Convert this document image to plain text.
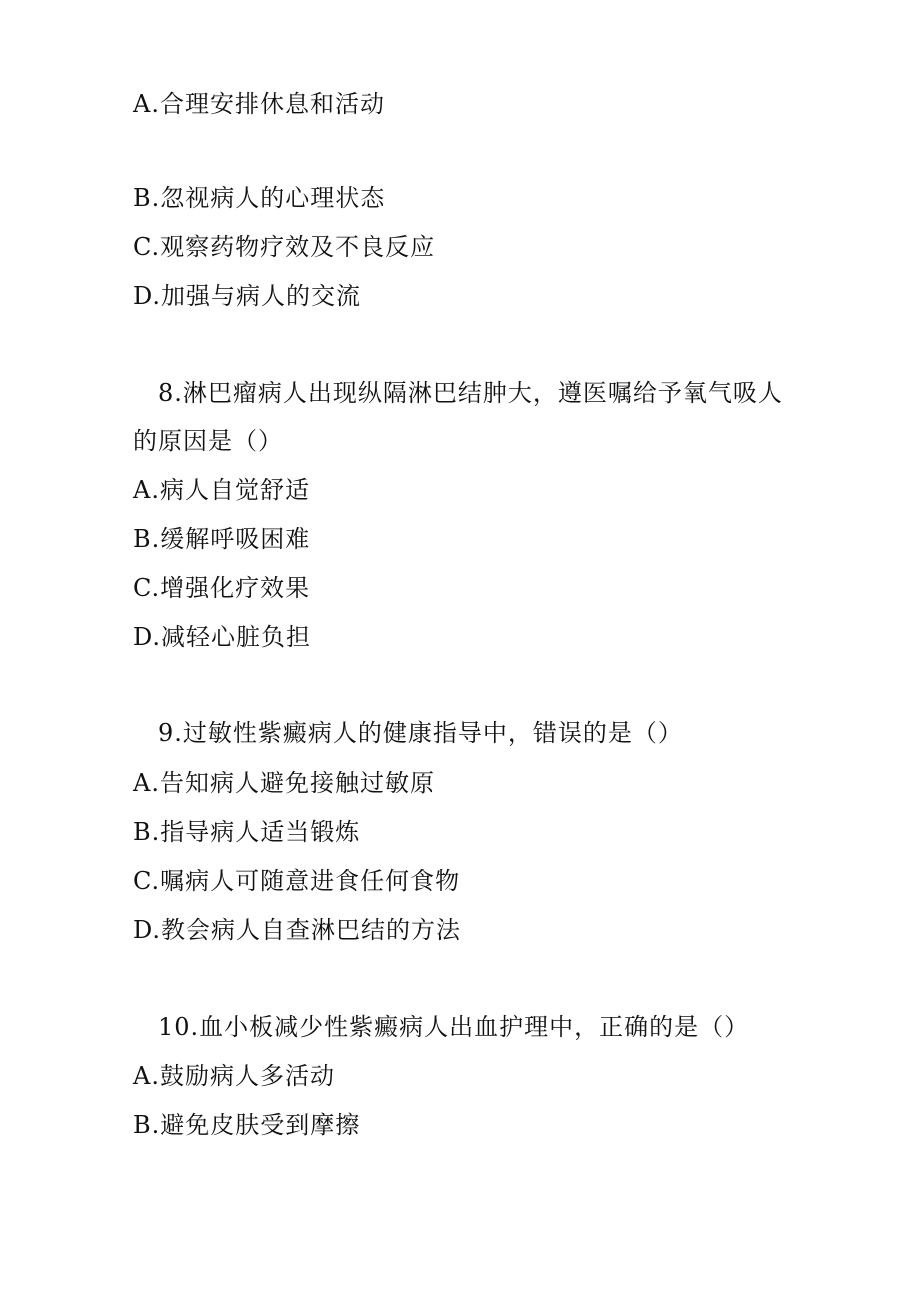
A.合理安排休息和活动
B.忽视病人的心理状态
C.观察药物疗效及不良反应
D.加强与病人的交流
8.淋巴瘤病人出现纵隔淋巴结肿大，遵医嘱给予氧气吸人
的原因是（）
A.病人自觉舒适
B.缓解呼吸困难
C.增强化疗效果
D.减轻心脏负担
9.过敏性紫癜病人的健康指导中，错误的是（）
A.告知病人避免接触过敏原
B.指导病人适当锻炼
C.嘱病人可随意进食任何食物
D.教会病人自查淋巴结的方法
10.血小板减少性紫癜病人出血护理中，正确的是（）
A.鼓励病人多活动
B.避免皮肤受到摩擦
